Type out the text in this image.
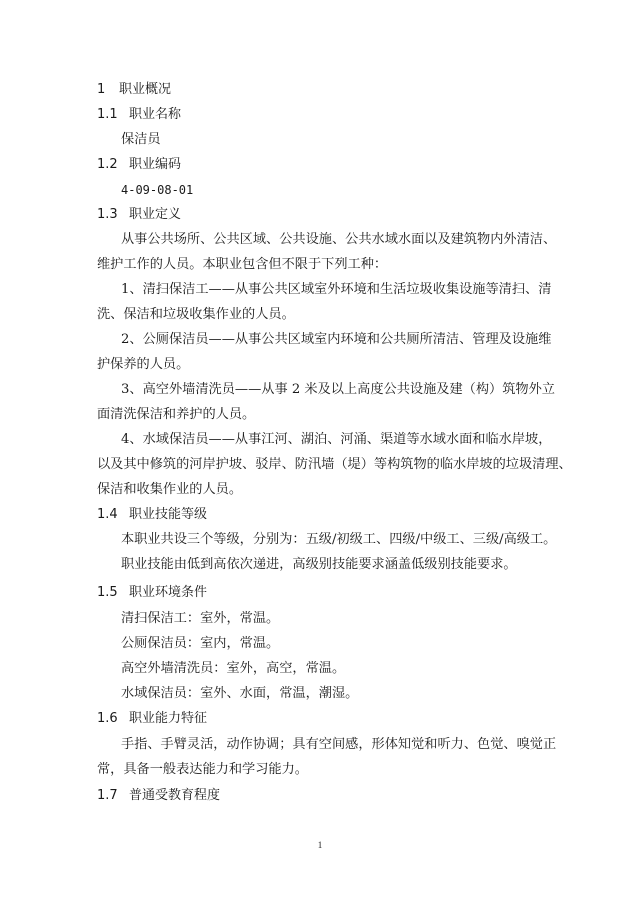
1 职业概况
1.1 职业名称
保洁员
1.2 职业编码
4-09-08-01
1.3 职业定义
从事公共场所、公共区域、公共设施、公共水域水面以及建筑物内外清洁、
维护工作的人员。本职业包含但不限于下列工种：
1、清扫保洁工——从事公共区域室外环境和生活垃圾收集设施等清扫、清
洗、保洁和垃圾收集作业的人员。
2、公厕保洁员——从事公共区域室内环境和公共厕所清洁、管理及设施维
护保养的人员。
3、高空外墙清洗员——从事 2 米及以上高度公共设施及建（构）筑物外立
面清洗保洁和养护的人员。
4、水域保洁员——从事江河、湖泊、河涌、渠道等水域水面和临水岸坡，
以及其中修筑的河岸护坡、驳岸、防汛墙（堤）等构筑物的临水岸坡的垃圾清理、
保洁和收集作业的人员。
1.4 职业技能等级
本职业共设三个等级，分别为：五级/初级工、四级/中级工、三级/高级工。
职业技能由低到高依次递进，高级别技能要求涵盖低级别技能要求。
1.5 职业环境条件
清扫保洁工：室外，常温。
公厕保洁员：室内，常温。
高空外墙清洗员：室外，高空，常温。
水域保洁员：室外、水面，常温，潮湿。
1.6 职业能力特征
手指、手臂灵活，动作协调；具有空间感，形体知觉和听力、色觉、嗅觉正
常，具备一般表达能力和学习能力。
1.7 普通受教育程度
1
